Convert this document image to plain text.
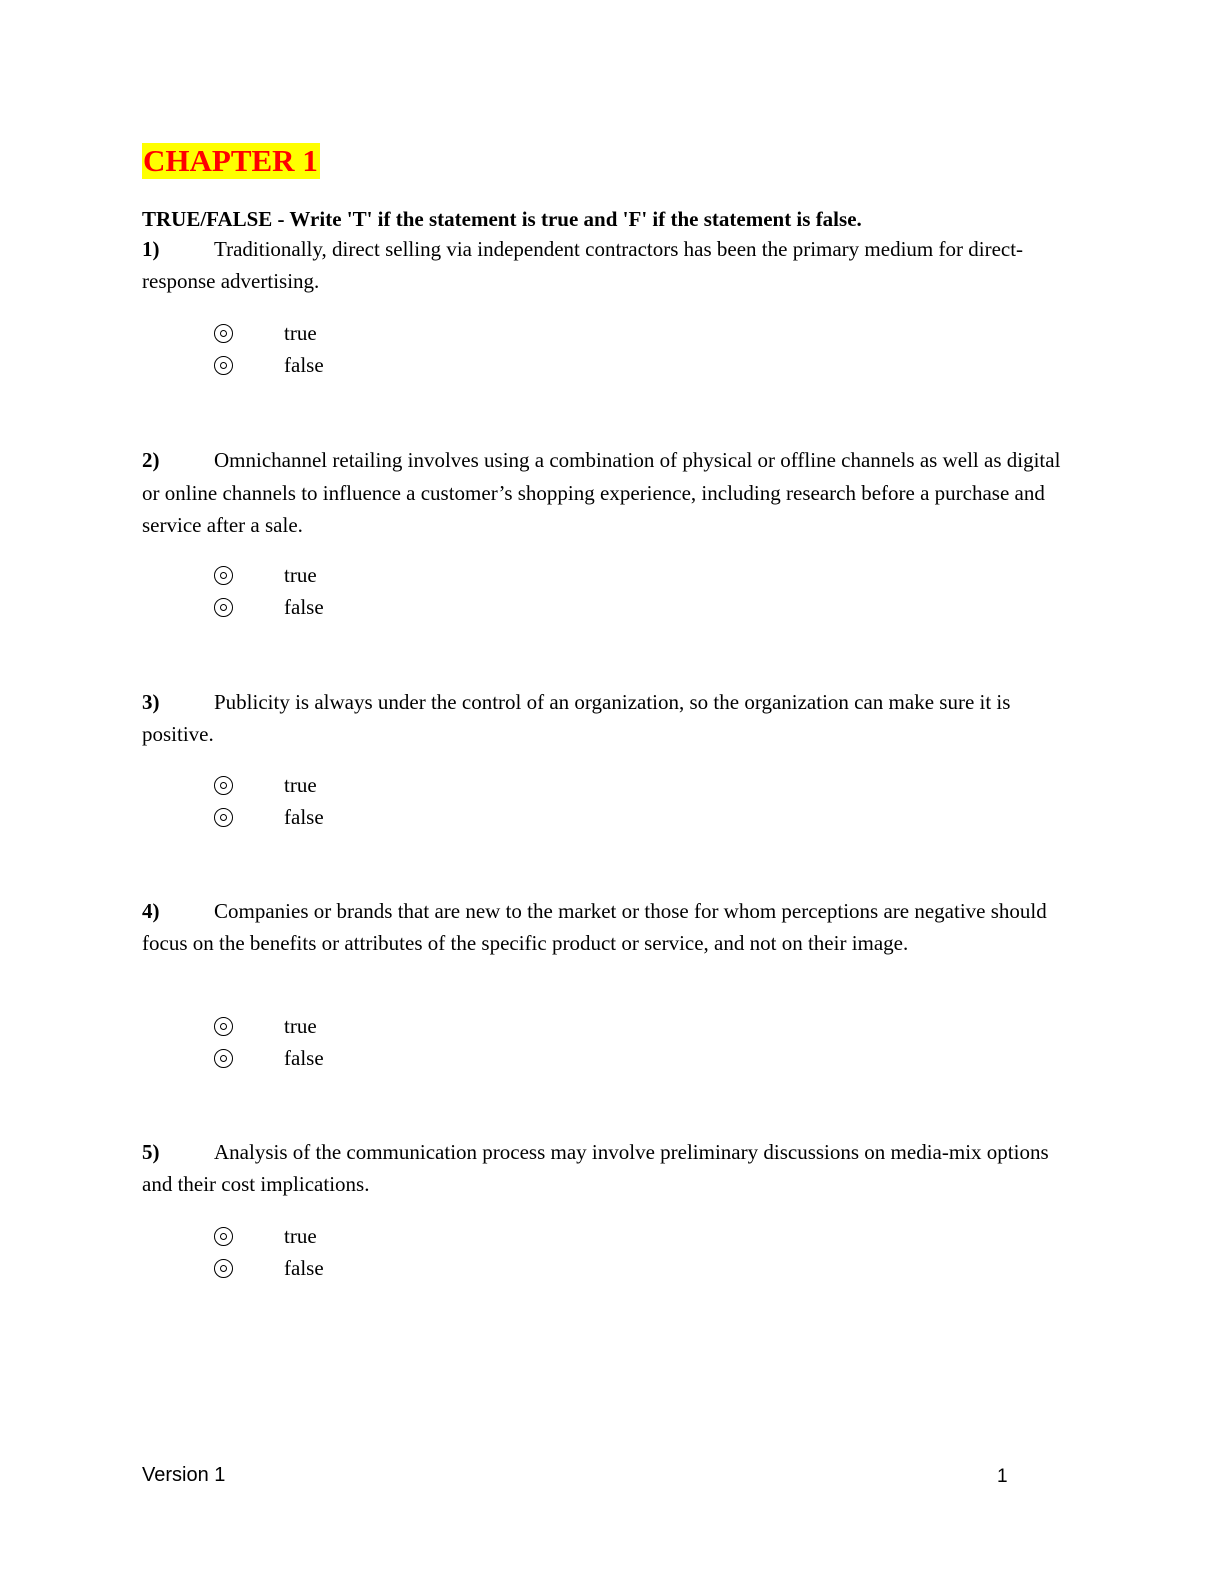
CHAPTER 1
TRUE/FALSE - Write 'T' if the statement is true and 'F' if the statement is false.
1)	Traditionally, direct selling via independent contractors has been the primary medium for direct-response advertising.
true
false
2)	Omnichannel retailing involves using a combination of physical or offline channels as well as digital or online channels to influence a customer’s shopping experience, including research before a purchase and service after a sale.
true
false
3)	Publicity is always under the control of an organization, so the organization can make sure it is positive.
true
false
4)	Companies or brands that are new to the market or those for whom perceptions are negative should focus on the benefits or attributes of the specific product or service, and not on their image.
true
false
5)	Analysis of the communication process may involve preliminary discussions on media-mix options and their cost implications.
true
false
Version 1	1
